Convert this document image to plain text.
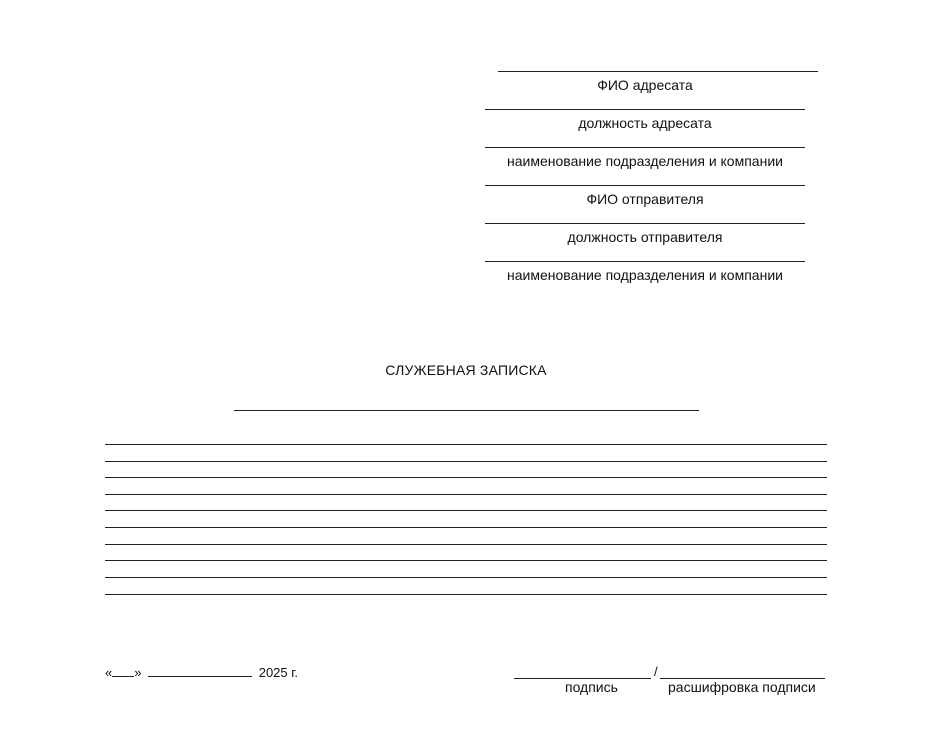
ФИО адресата
должность адресата
наименование подразделения и компании
ФИО отправителя
должность отправителя
наименование подразделения и компании
СЛУЖЕБНАЯ ЗАПИСКА
« »	2025 г.	/
подпись	расшифровка подписи
